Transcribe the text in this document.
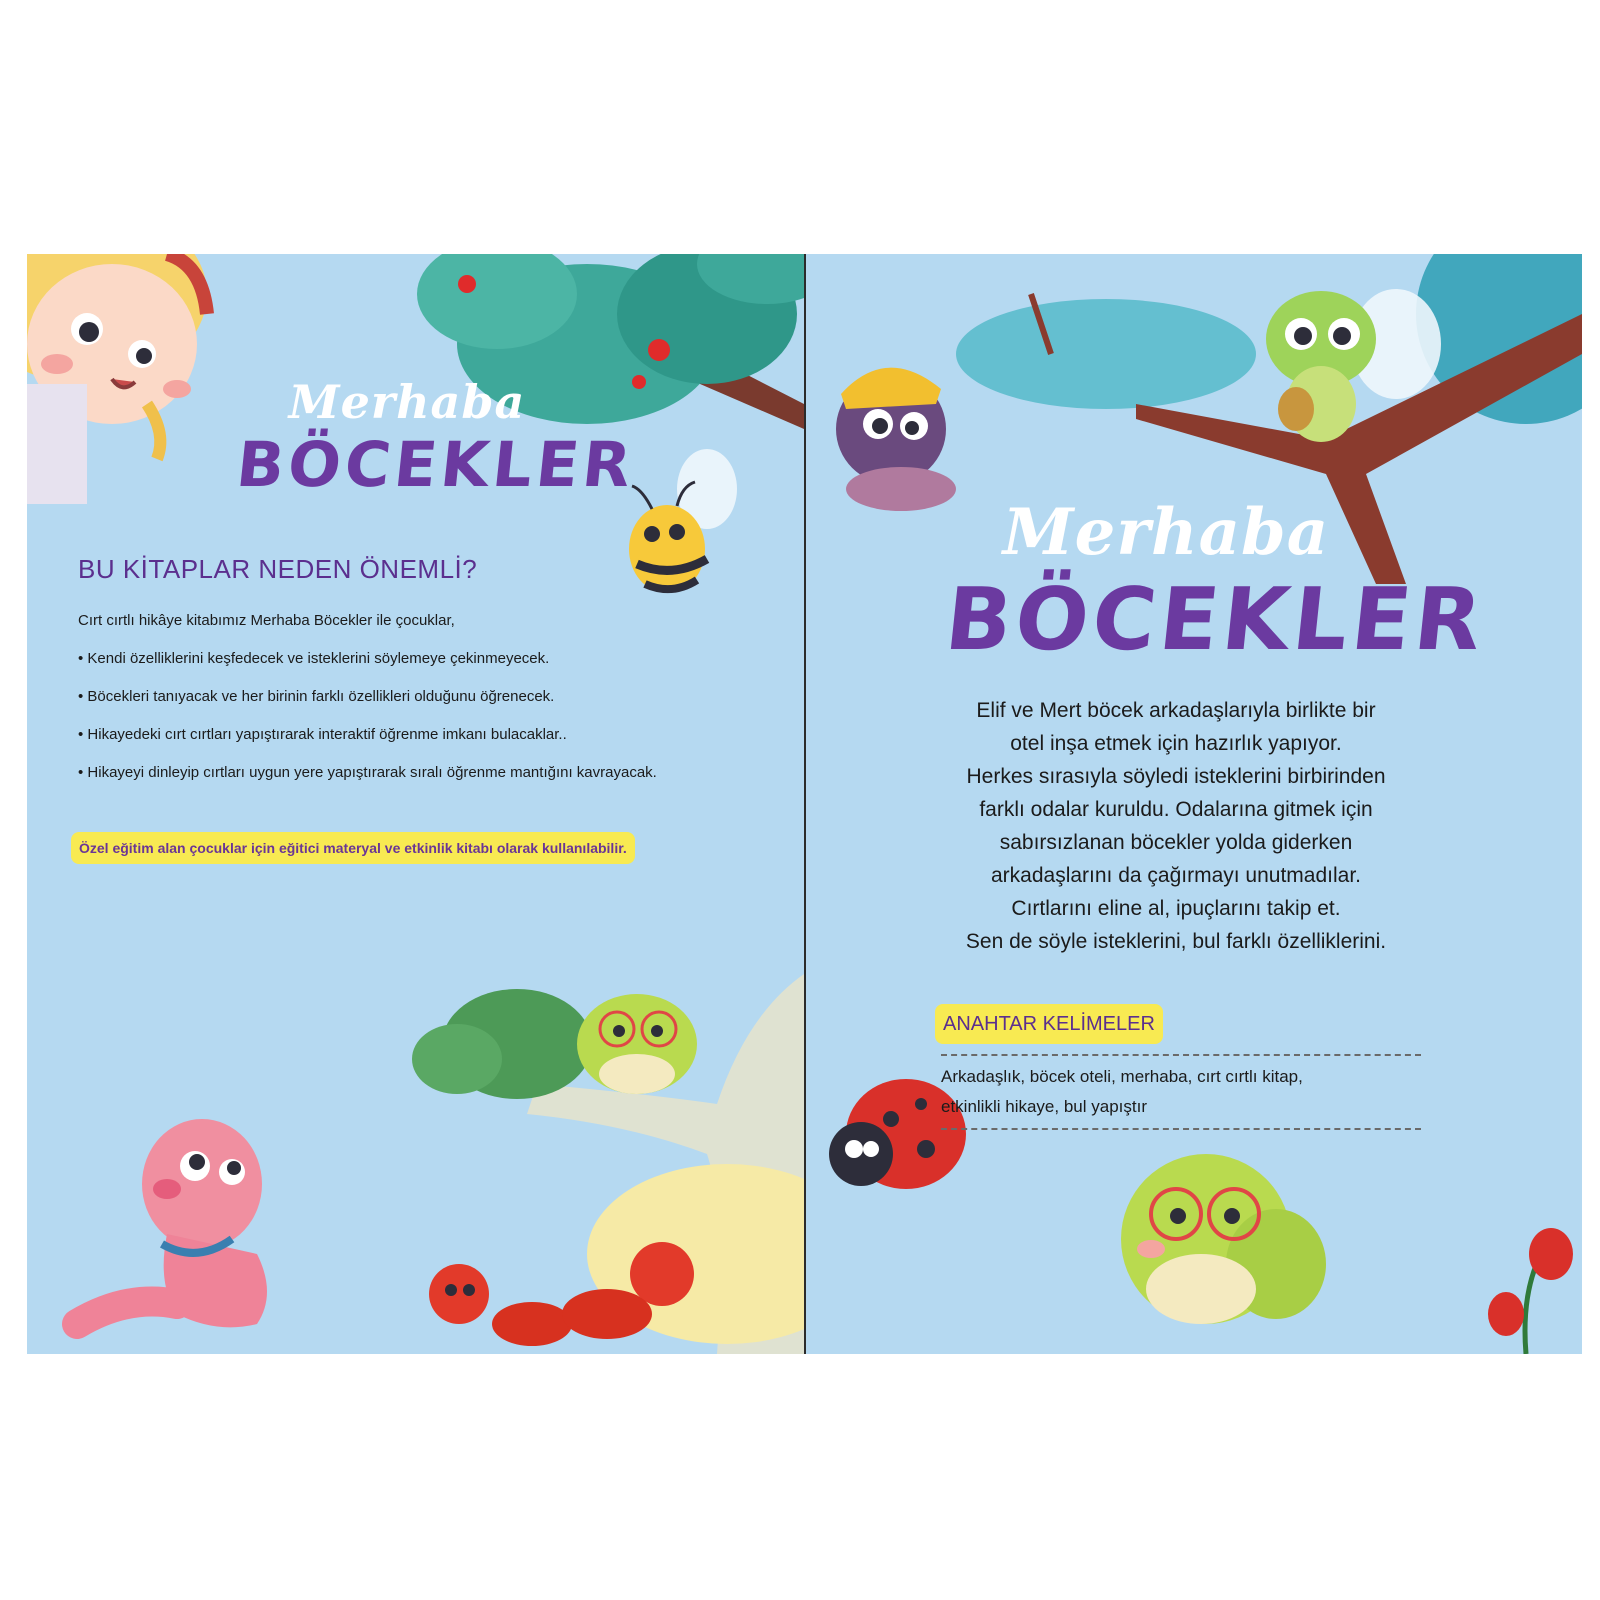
Merhaba
BÖCEKLER
BU KİTAPLAR NEDEN ÖNEMLİ?
Cırt cırtlı hikâye kitabımız Merhaba Böcekler ile çocuklar,
• Kendi özelliklerini keşfedecek ve isteklerini söylemeye çekinmeyecek.
• Böcekleri tanıyacak ve her birinin farklı özellikleri olduğunu öğrenecek.
• Hikayedeki cırt cırtları yapıştırarak interaktif öğrenme imkanı bulacaklar..
• Hikayeyi dinleyip cırtları uygun yere yapıştırarak sıralı öğrenme mantığını kavrayacak.
Özel eğitim alan çocuklar için eğitici materyal ve etkinlik kitabı olarak kullanılabilir.
Merhaba
BÖCEKLER
Elif ve Mert böcek arkadaşlarıyla birlikte bir
otel inşa etmek için hazırlık yapıyor.
Herkes sırasıyla söyledi isteklerini birbirinden
farklı odalar kuruldu. Odalarına gitmek için
sabırsızlanan böcekler yolda giderken
arkadaşlarını da çağırmayı unutmadılar.
Cırtlarını eline al, ipuçlarını takip et.
Sen de söyle isteklerini, bul farklı özelliklerini.
ANAHTAR KELİMELER
Arkadaşlık, böcek oteli, merhaba, cırt cırtlı kitap,
etkinlikli hikaye, bul yapıştır
